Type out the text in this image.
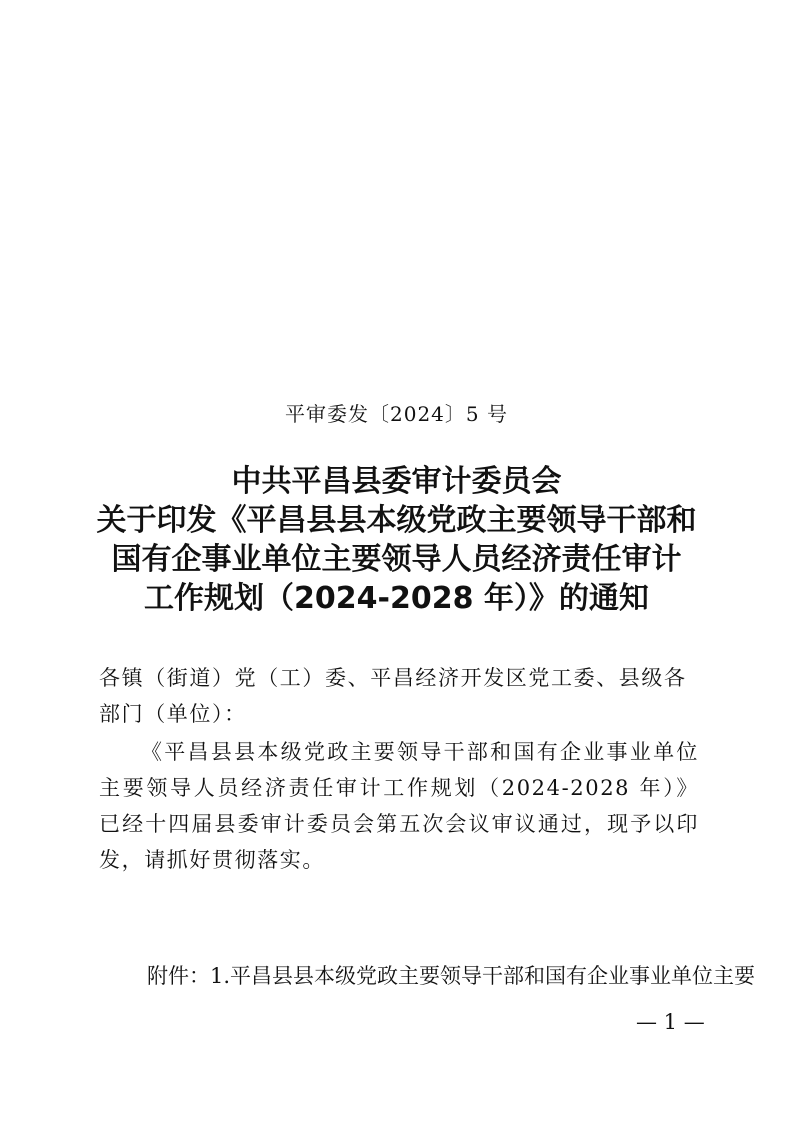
平审委发〔2024〕5 号
中共平昌县委审计委员会
关于印发《平昌县县本级党政主要领导干部和
国有企事业单位主要领导人员经济责任审计
工作规划（2024-2028 年）》的通知
各镇（街道）党（工）委、平昌经济开发区党工委、县级各部门（单位）：
《平昌县县本级党政主要领导干部和国有企业事业单位主要领导人员经济责任审计工作规划（2024-2028 年）》已经十四届县委审计委员会第五次会议审议通过，现予以印发，请抓好贯彻落实。
附件：1.平昌县县本级党政主要领导干部和国有企业事业单位主要
— 1 —
